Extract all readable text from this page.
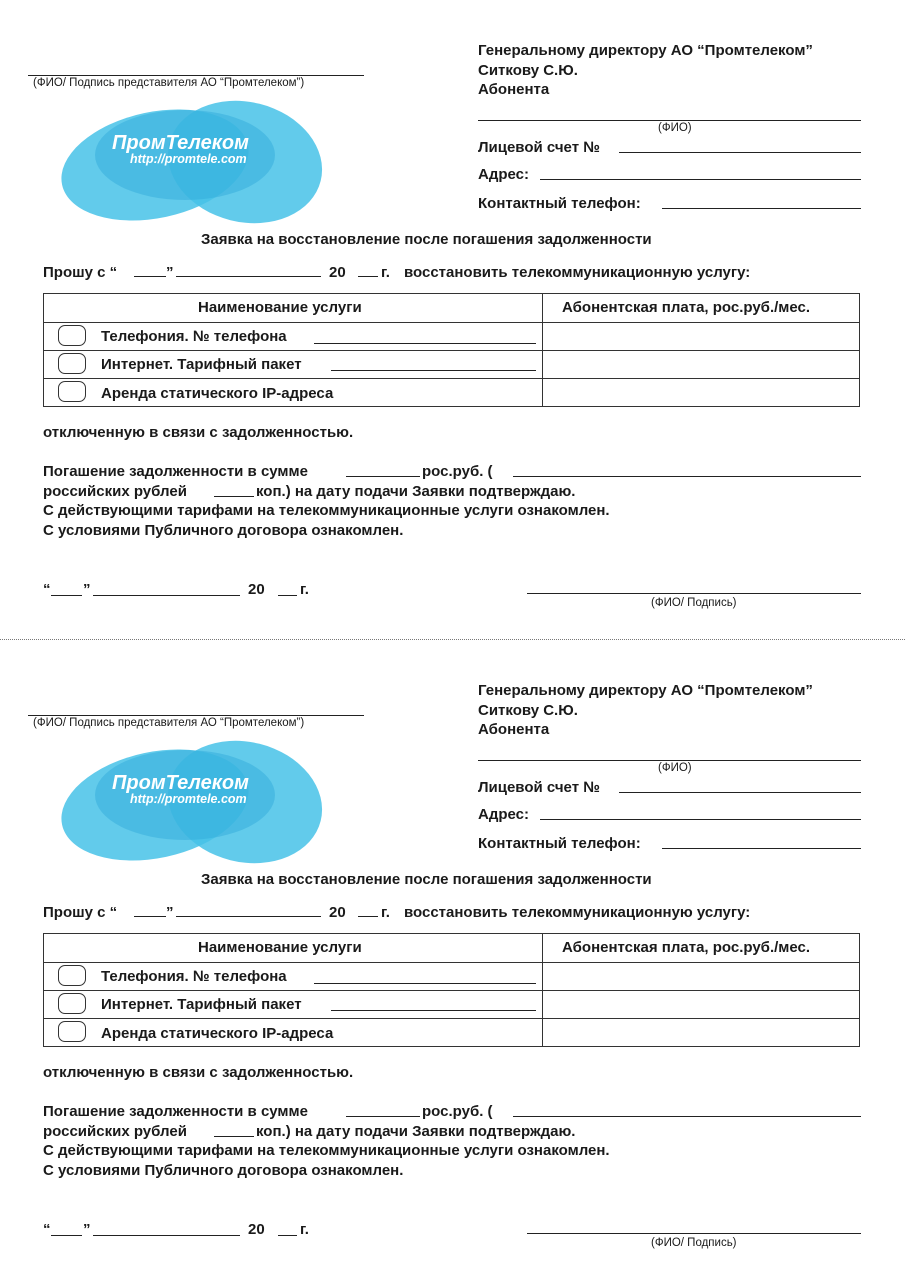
(ФИО/ Подпись представителя АО “Промтелеком”)
ПромТелеком
http://promtele.com
Генеральному директору АО “Промтелеком”
Ситкову С.Ю.
Абонента
(ФИО)
Лицевой счет №
Адрес:
Контактный телефон:
Заявка на восстановление после погашения задолженности
Прошу с “	”	20 г. восстановить телекоммуникационную услугу:
Наименование услуги	Абонентская плата, рос.руб./мес.
Телефония. № телефона
Интернет. Тарифный пакет
Аренда статического IP-адреса
отключенную в связи с задолженностью.
Погашение задолженности в сумме	рос.руб. (
российских рублей	коп.) на дату подачи Заявки подтверждаю.
С действующими тарифами на телекоммуникационные услуги ознакомлен.
С условиями Публичного договора ознакомлен.
“ ”	20 г.
(ФИО/ Подпись)
(ФИО/ Подпись представителя АО “Промтелеком”)
ПромТелеком
http://promtele.com
Генеральному директору АО “Промтелеком”
Ситкову С.Ю.
Абонента
(ФИО)
Лицевой счет №
Адрес:
Контактный телефон:
Заявка на восстановление после погашения задолженности
Прошу с “	”	20 г. восстановить телекоммуникационную услугу:
Наименование услуги	Абонентская плата, рос.руб./мес.
Телефония. № телефона
Интернет. Тарифный пакет
Аренда статического IP-адреса
отключенную в связи с задолженностью.
Погашение задолженности в сумме	рос.руб. (
российских рублей	коп.) на дату подачи Заявки подтверждаю.
С действующими тарифами на телекоммуникационные услуги ознакомлен.
С условиями Публичного договора ознакомлен.
“ ”	20 г.
(ФИО/ Подпись)
